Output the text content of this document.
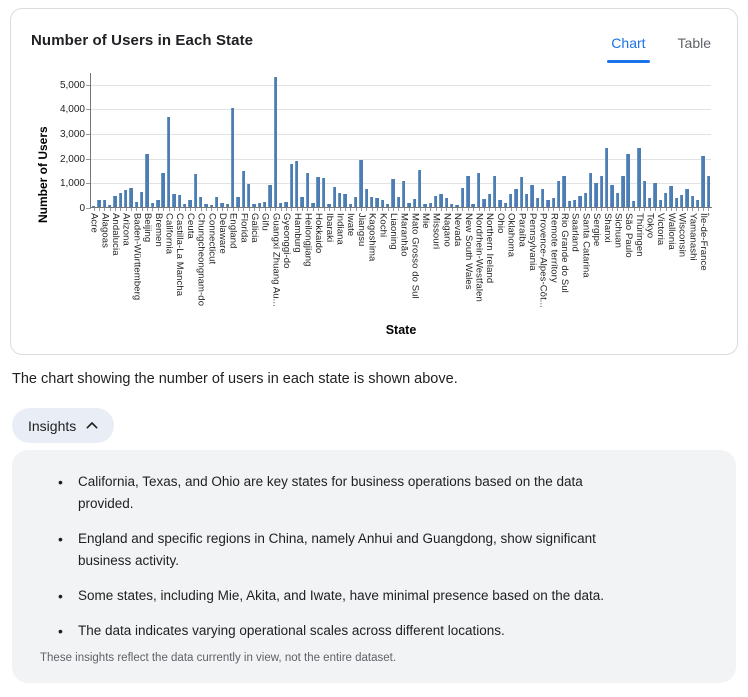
Number of Users in Each State	Chart Table
Number of Users	0
1,000
2,000
3,000
4,000
5,000
Acre Alagoas Andalucia Arizona Baden-Württemberg Beijing Bremen California Castilla-La Mancha Ceuta Chungcheongnam-do Connecticut Delaware England Florida Galicia Gifu Guangxi Zhuang Au... Gyeonggi-do Hamburg Heilongjiang Hokkaido Ibaraki Indiana Iwate Jiangsu Kagoshima Kochi Liaoning Maranhão Mato Grosso do Sul Mie Missouri Nagano Nevada New South Wales Nordrhein-Westfalen Northern Ireland Ohio Oklahoma Paraíba Pennsylvania Provence-Alpes-Côt... Remote territory Rio Grande do Sul Saarland Santa Catarina Sergipe Shanxi Sichuan São Paulo Thüringen Tokyo Victoria Wallonia Wisconsin Yamanashi Île-de-France
State
The chart showing the number of users in each state is shown above.
Insights
• California, Texas, and Ohio are key states for business operations based on the data
provided.
• England and specific regions in China, namely Anhui and Guangdong, show significant
business activity.
• Some states, including Mie, Akita, and Iwate, have minimal presence based on the data.
• The data indicates varying operational scales across different locations.
These insights reflect the data currently in view, not the entire dataset.
